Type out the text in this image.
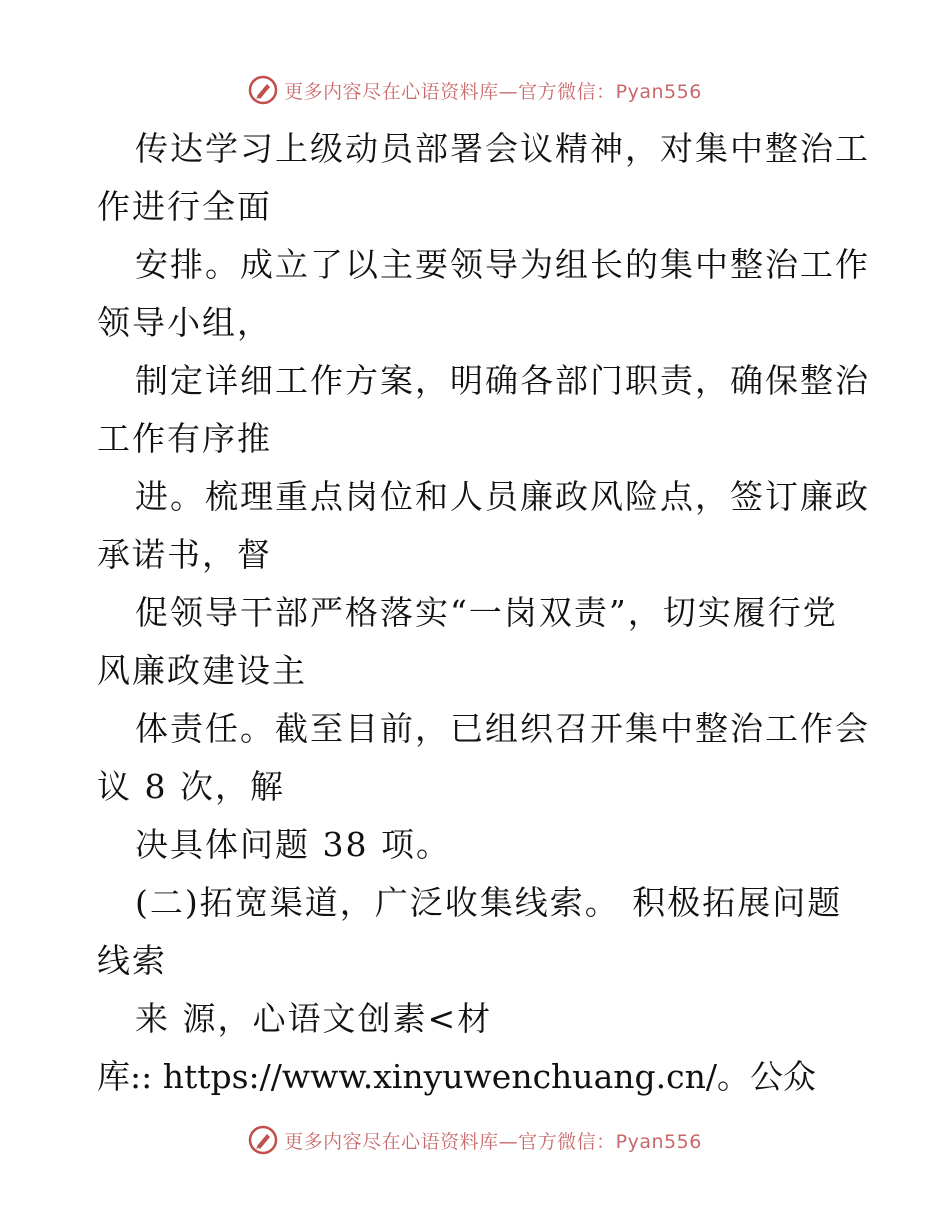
更多内容尽在心语资料库—官方微信：Pyan556
传达学习上级动员部署会议精神，对集中整治工
作进行全面
安排。成立了以主要领导为组长的集中整治工作
领导小组，
制定详细工作方案，明确各部门职责，确保整治
工作有序推
进。梳理重点岗位和人员廉政风险点，签订廉政
承诺书，督
促领导干部严格落实“一岗双责”，切实履行党
风廉政建设主
体责任。截至目前，已组织召开集中整治工作会
议 8 次，解
决具体问题 38 项。
(二)拓宽渠道，广泛收集线索。 积极拓展问题
线索
来 源，心语文创素<材
库:: https://www.xinyuwenchuang.cn/。公众
更多内容尽在心语资料库—官方微信：Pyan556
